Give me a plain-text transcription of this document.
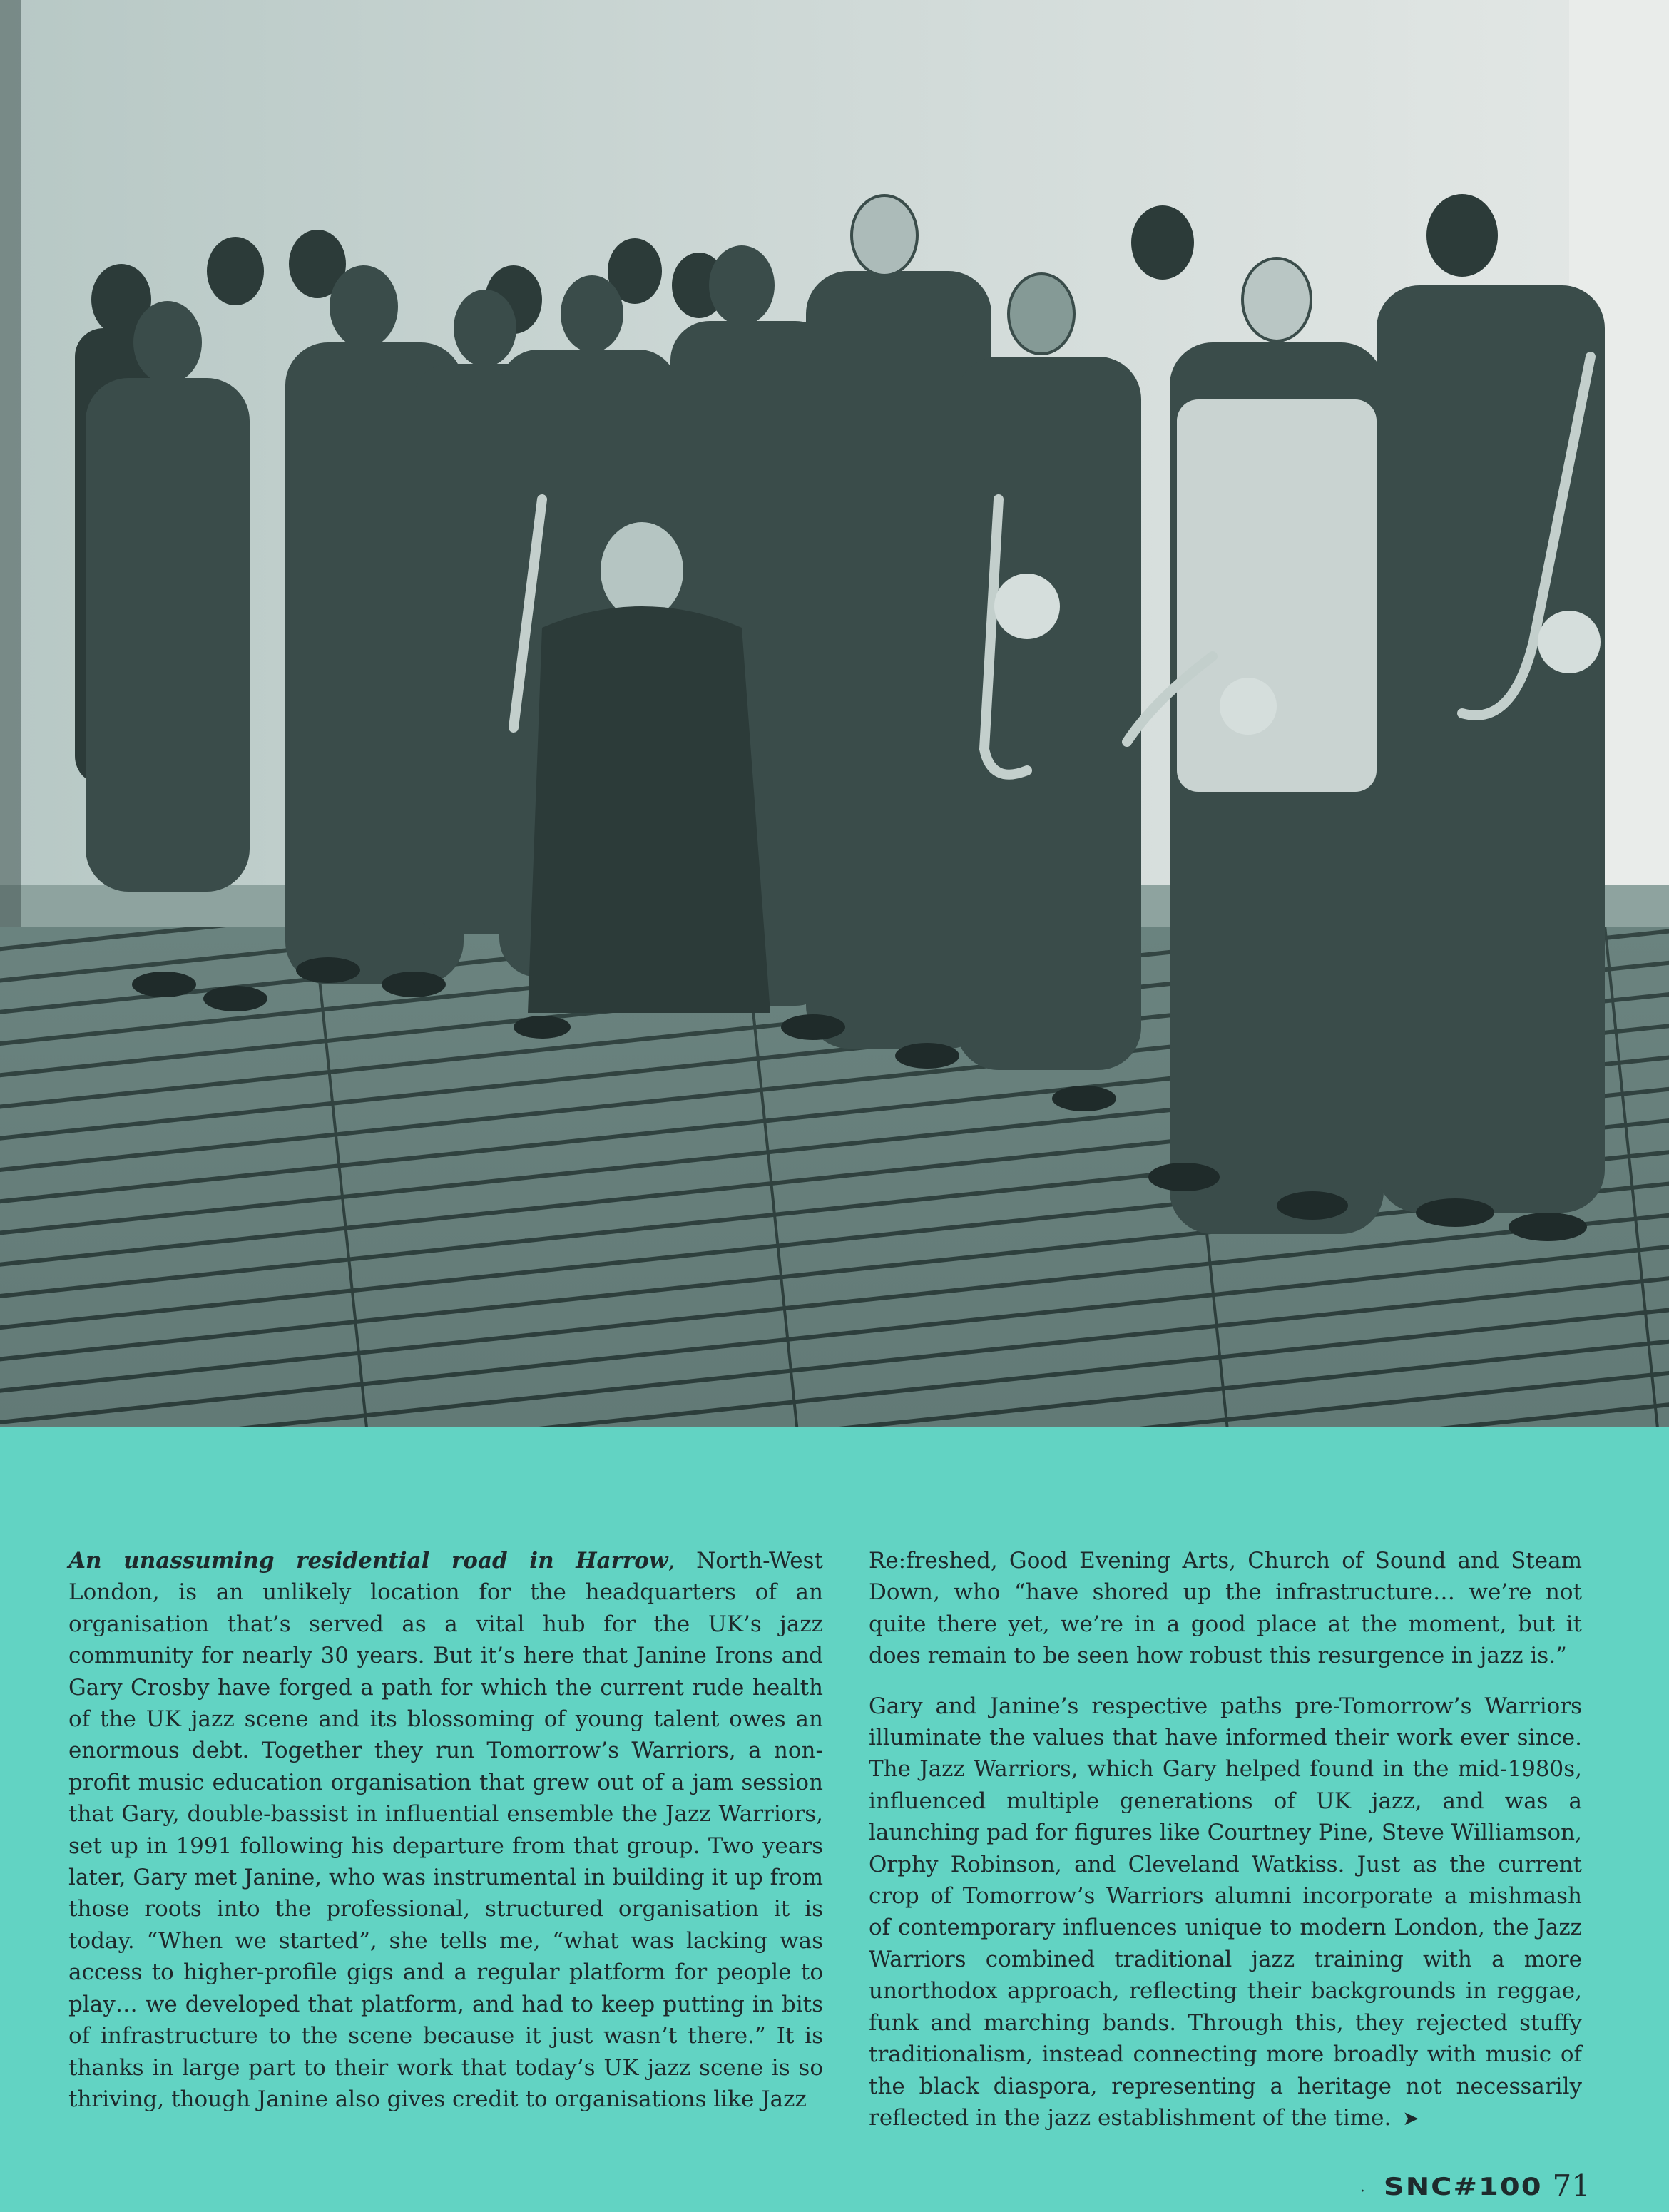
An unassuming residential road in Harrow, North-West London, is an unlikely location for the headquarters of an organisation that’s served as a vital hub for the UK’s jazz community for nearly 30 years. But it’s here that Janine Irons and Gary Crosby have forged a path for which the current rude health of the UK jazz scene and its blossoming of young talent owes an enormous debt. Together they run Tomorrow’s Warriors, a non-profit music education organisation that grew out of a jam session that Gary, double-bassist in influential ensemble the Jazz Warriors, set up in 1991 following his departure from that group. Two years later, Gary met Janine, who was instrumental in building it up from those roots into the professional, structured organisation it is today. “When we started”, she tells me, “what was lacking was access to higher-profile gigs and a regular platform for people to play… we developed that platform, and had to keep putting in bits of infrastructure to the scene because it just wasn’t there.” It is thanks in large part to their work that today’s UK jazz scene is so thriving, though Janine also gives credit to organisations like Jazz

Re:freshed, Good Evening Arts, Church of Sound and Steam Down, who “have shored up the infrastructure… we’re not quite there yet, we’re in a good place at the moment, but it does remain to be seen how robust this resurgence in jazz is.”

Gary and Janine’s respective paths pre-Tomorrow’s Warriors illuminate the values that have informed their work ever since. The Jazz Warriors, which Gary helped found in the mid-1980s, influenced multiple generations of UK jazz, and was a launching pad for figures like Courtney Pine, Steve Williamson, Orphy Robinson, and Cleveland Watkiss. Just as the current crop of Tomorrow’s Warriors alumni incorporate a mishmash of contemporary influences unique to modern London, the Jazz Warriors combined traditional jazz training with a more unorthodox approach, reflecting their backgrounds in reggae, funk and marching bands. Through this, they rejected stuffy traditionalism, instead connecting more broadly with music of the black diaspora, representing a heritage not necessarily reflected in the jazz establishment of the time. ➤

· SNC#100 71
